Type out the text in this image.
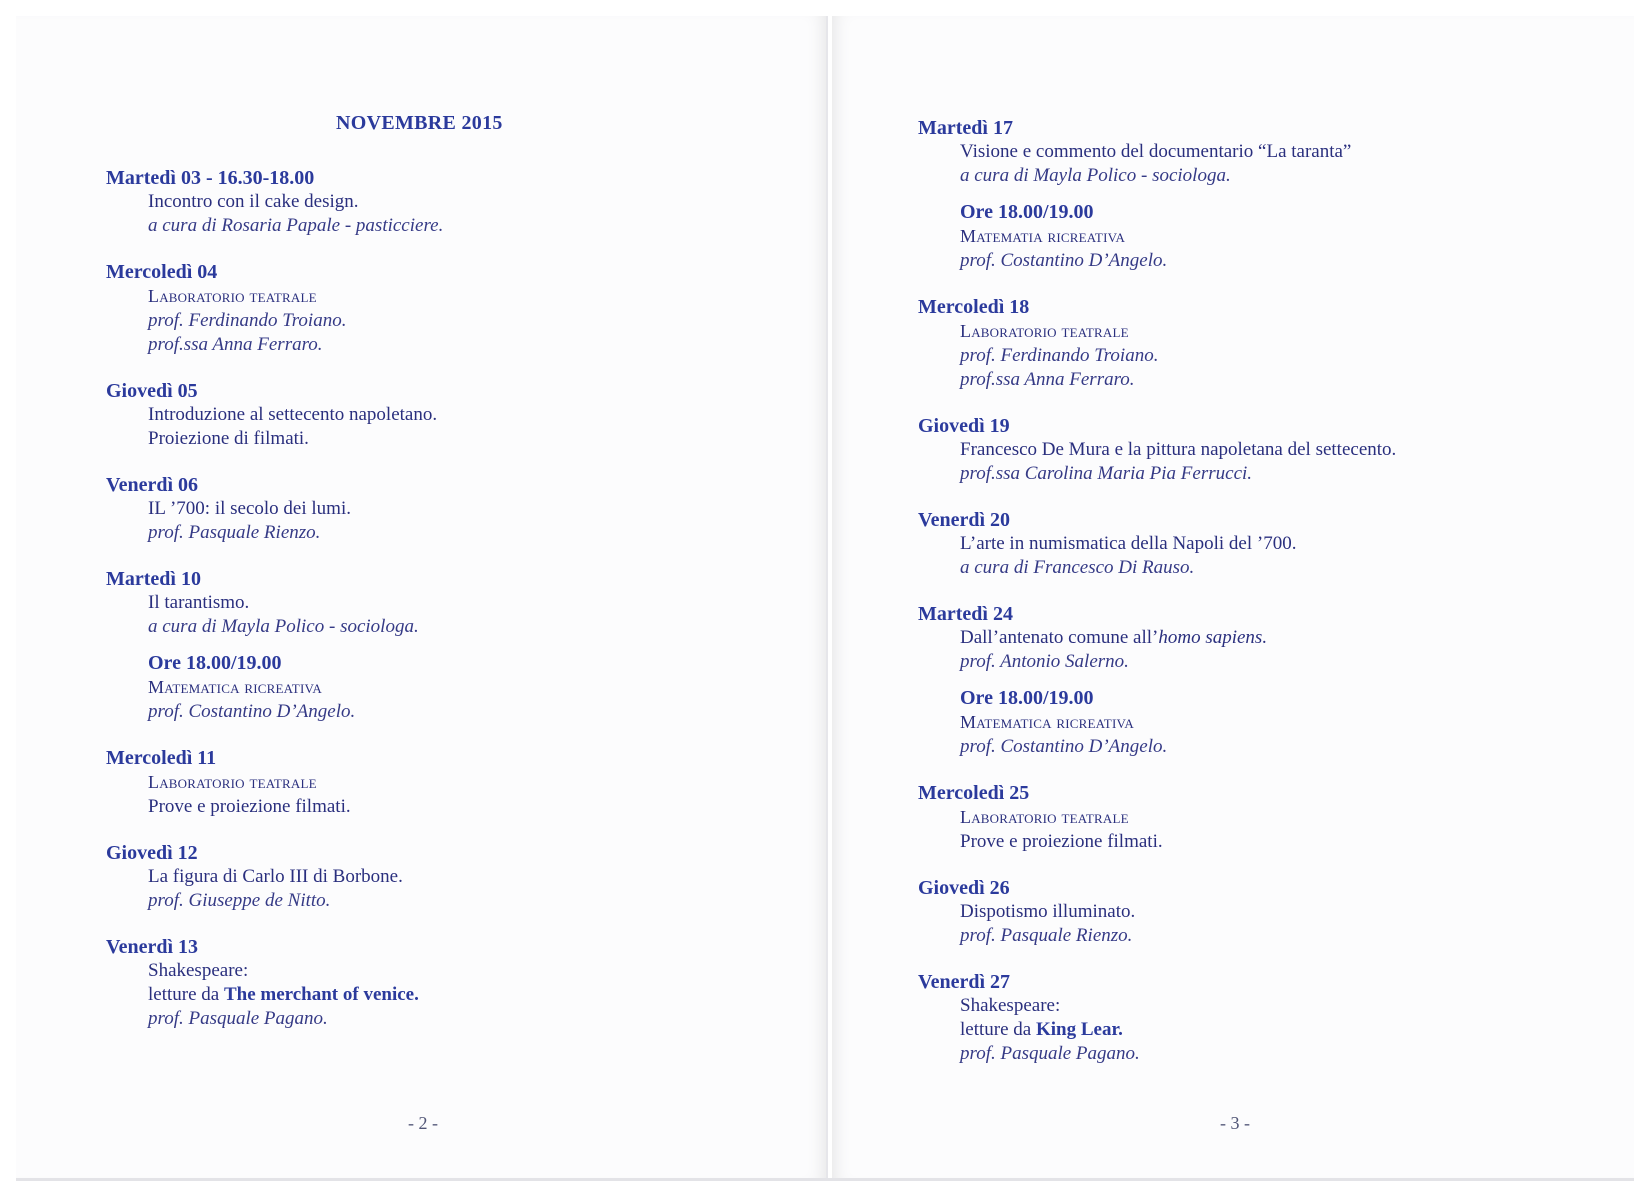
NOVEMBRE 2015
Martedì 03 - 16.30-18.00
Incontro con il cake design.
a cura di Rosaria Papale - pasticciere.
Mercoledì 04
Laboratorio teatrale
prof. Ferdinando Troiano.
prof.ssa Anna Ferraro.
Giovedì 05
Introduzione al settecento napoletano.
Proiezione di filmati.
Venerdì 06
IL ’700: il secolo dei lumi.
prof. Pasquale Rienzo.
Martedì 10
Il tarantismo.
a cura di Mayla Polico - sociologa.
Ore 18.00/19.00
Matematica ricreativa
prof. Costantino D’Angelo.
Mercoledì 11
Laboratorio teatrale
Prove e proiezione filmati.
Giovedì 12
La figura di Carlo III di Borbone.
prof. Giuseppe de Nitto.
Venerdì 13
Shakespeare:
letture da The merchant of venice.
prof. Pasquale Pagano.
- 2 -
Martedì 17
Visione e commento del documentario “La taranta”
a cura di Mayla Polico - sociologa.
Ore 18.00/19.00
Matematia ricreativa
prof. Costantino D’Angelo.
Mercoledì 18
Laboratorio teatrale
prof. Ferdinando Troiano.
prof.ssa Anna Ferraro.
Giovedì 19
Francesco De Mura e la pittura napoletana del settecento.
prof.ssa Carolina Maria Pia Ferrucci.
Venerdì 20
L’arte in numismatica della Napoli del ’700.
a cura di Francesco Di Rauso.
Martedì 24
Dall’antenato comune all’homo sapiens.
prof. Antonio Salerno.
Ore 18.00/19.00
Matematica ricreativa
prof. Costantino D’Angelo.
Mercoledì 25
Laboratorio teatrale
Prove e proiezione filmati.
Giovedì 26
Dispotismo illuminato.
prof. Pasquale Rienzo.
Venerdì 27
Shakespeare:
letture da King Lear.
prof. Pasquale Pagano.
- 3 -
